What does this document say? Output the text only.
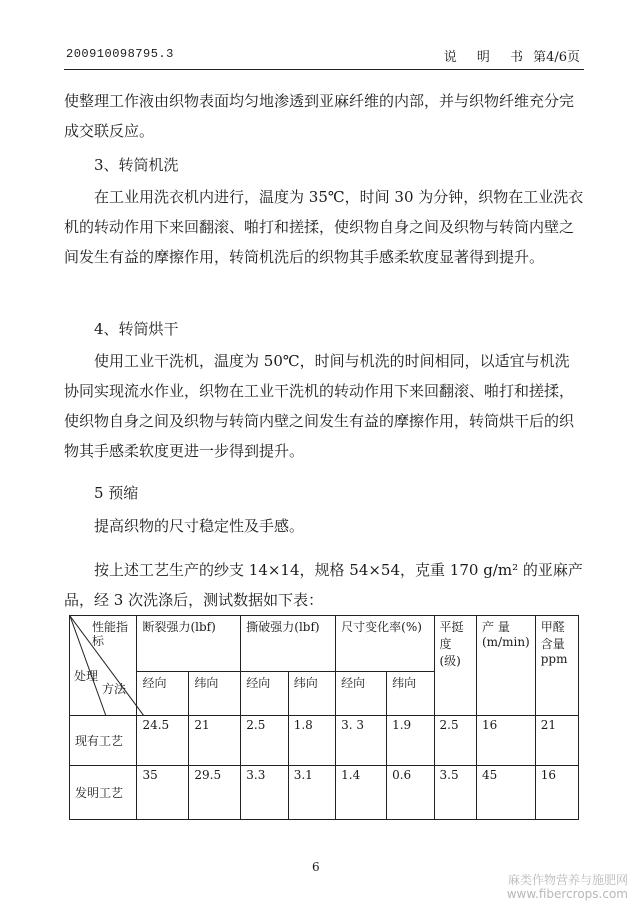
200910098795.3	说 明 书 第4/6页
使整理工作液由织物表面均匀地渗透到亚麻纤维的内部，并与织物纤维充分完成交联反应。
3、转筒机洗
在工业用洗衣机内进行，温度为 35℃，时间 30 为分钟，织物在工业洗衣机的转动作用下来回翻滚、啪打和搓揉，使织物自身之间及织物与转筒内壁之间发生有益的摩擦作用，转筒机洗后的织物其手感柔软度显著得到提升。
4、转筒烘干
使用工业干洗机，温度为 50℃，时间与机洗的时间相同，以适宜与机洗协同实现流水作业，织物在工业干洗机的转动作用下来回翻滚、啪打和搓揉，使织物自身之间及织物与转筒内壁之间发生有益的摩擦作用，转筒烘干后的织物其手感柔软度更进一步得到提升。
5 预缩
提高织物的尺寸稳定性及手感。
按上述工艺生产的纱支 14×14，规格 54×54，克重 170 g/m² 的亚麻产品，经 3 次洗涤后，测试数据如下表：
性能指标
处理
方法	断裂强力(lbf)		撕破强力(lbf)		尺寸变化率(%)		平挺度(级)	产 量(m/min)	甲醛含量ppm
	经向	纬向	经向	纬向	经向	纬向			
现有工艺	24.5	21	2.5	1.8	3. 3	1.9	2.5	16	21
发明工艺	35	29.5	3.3	3.1	1.4	0.6	3.5	45	16
6
麻类作物营养与施肥网
www.fibercrops.com
